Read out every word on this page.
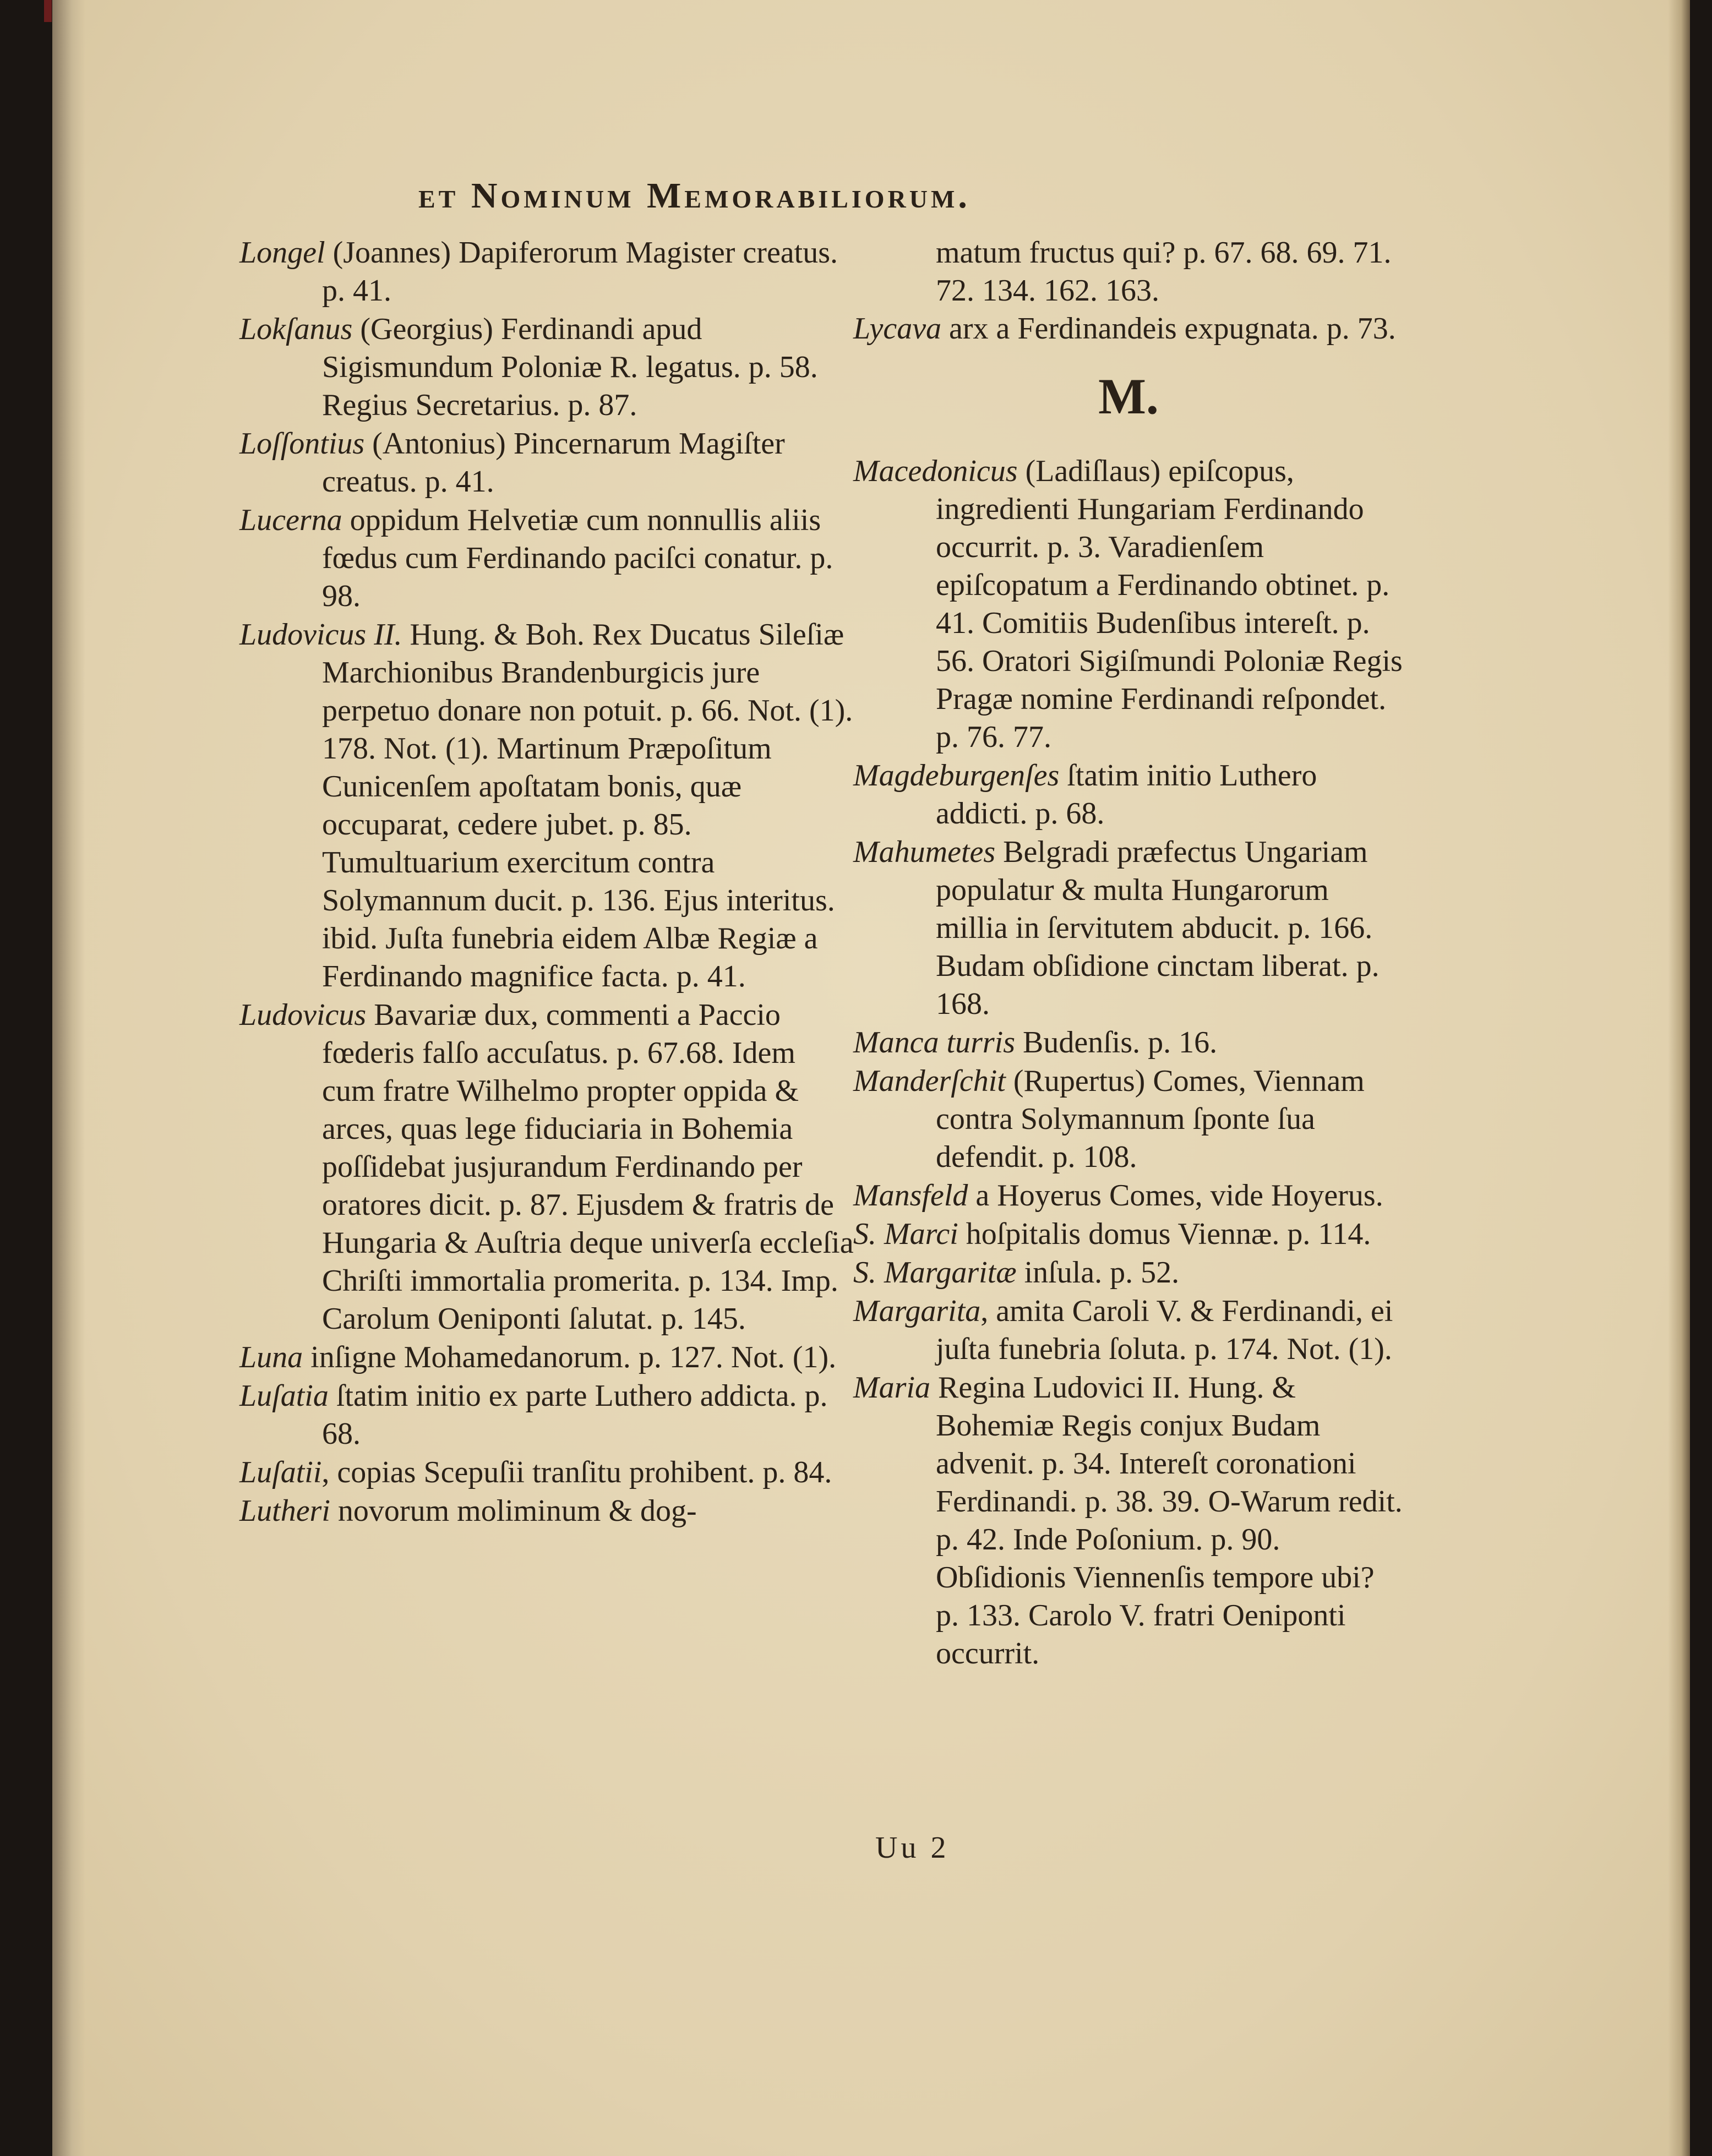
et Nominum Memorabiliorum.

Longel (Joannes) Dapiferorum Magister creatus. p. 41.

Lokſanus (Georgius) Ferdinandi apud Sigismundum Poloniæ R. legatus. p. 58. Regius Secretarius. p. 87.

Loſſontius (Antonius) Pincernarum Magiſter creatus. p. 41.

Lucerna oppidum Helvetiæ cum nonnullis aliis fœdus cum Ferdinando paciſci conatur. p. 98.

Ludovicus II. Hung. & Boh. Rex Ducatus Sileſiæ Marchionibus Brandenburgicis jure perpetuo donare non potuit. p. 66. Not. (1). 178. Not. (1). Martinum Præpoſitum Cunicenſem apoſtatam bonis, quæ occuparat, cedere jubet. p. 85. Tumultuarium exercitum contra Solymannum ducit. p. 136. Ejus interitus. ibid. Juſta funebria eidem Albæ Regiæ a Ferdinando magnifice facta. p. 41.

Ludovicus Bavariæ dux, commenti a Paccio fœderis falſo accuſatus. p. 67.68. Idem cum fratre Wilhelmo propter oppida & arces, quas lege fiduciaria in Bohemia poſſidebat jusjurandum Ferdinando per oratores dicit. p. 87. Ejusdem & fratris de Hungaria & Auſtria deque univerſa eccleſia Chriſti immortalia promerita. p. 134. Imp. Carolum Oeniponti ſalutat. p. 145.

Luna inſigne Mohamedanorum. p. 127. Not. (1).

Luſatia ſtatim initio ex parte Luthero addicta. p. 68.

Luſatii, copias Scepuſii tranſitu prohibent. p. 84.

Lutheri novorum moliminum & dog-

matum fructus qui? p. 67. 68. 69. 71. 72. 134. 162. 163.

Lycava arx a Ferdinandeis expugnata. p. 73.

M.

Macedonicus (Ladiſlaus) epiſcopus, ingredienti Hungariam Ferdinando occurrit. p. 3. Varadienſem epiſcopatum a Ferdinando obtinet. p. 41. Comitiis Budenſibus intereſt. p. 56. Oratori Sigiſmundi Poloniæ Regis Pragæ nomine Ferdinandi reſpondet. p. 76. 77.

Magdeburgenſes ſtatim initio Luthero addicti. p. 68.

Mahumetes Belgradi præfectus Ungariam populatur & multa Hungarorum millia in ſervitutem abducit. p. 166. Budam obſidione cinctam liberat. p. 168.

Manca turris Budenſis. p. 16.

Manderſchit (Rupertus) Comes, Viennam contra Solymannum ſponte ſua defendit. p. 108.

Mansfeld a Hoyerus Comes, vide Hoyerus.

S. Marci hoſpitalis domus Viennæ. p. 114.

S. Margaritæ inſula. p. 52.

Margarita, amita Caroli V. & Ferdinandi, ei juſta funebria ſoluta. p. 174. Not. (1).

Maria Regina Ludovici II. Hung. & Bohemiæ Regis conjux Budam advenit. p. 34. Intereſt coronationi Ferdinandi. p. 38. 39. O-Warum redit. p. 42. Inde Poſonium. p. 90. Obſidionis Viennenſis tempore ubi? p. 133. Carolo V. fratri Oeniponti occurrit.

Uu 2
